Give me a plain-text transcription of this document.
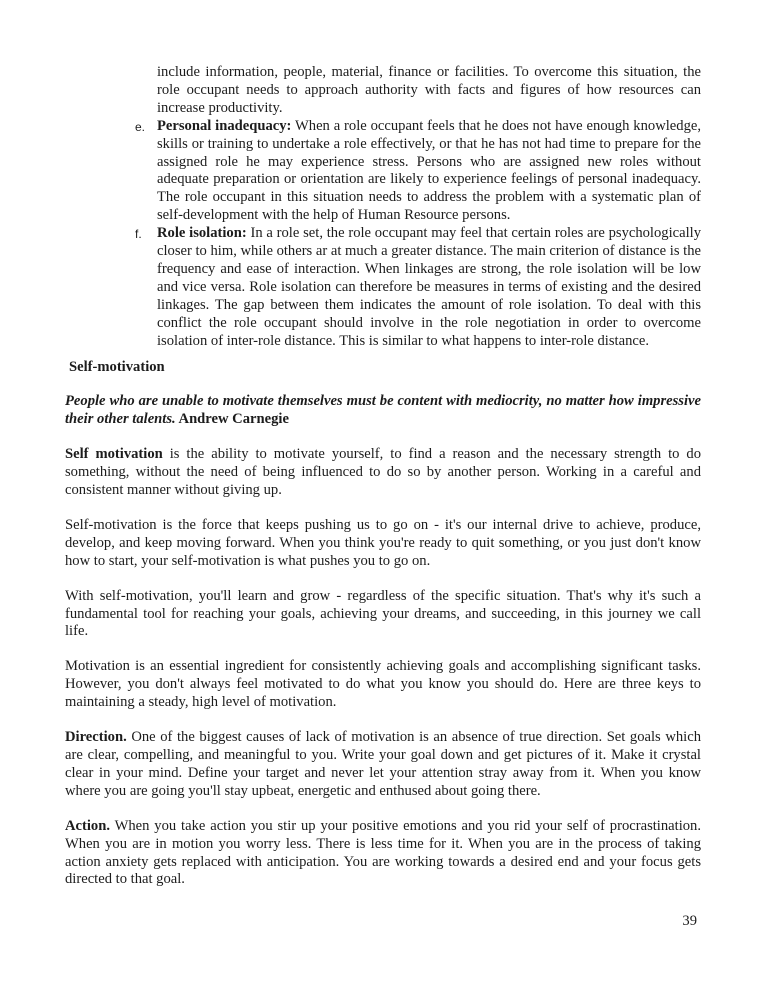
include information, people, material, finance or facilities. To overcome this situation, the role occupant needs to approach authority with facts and figures of how resources can increase productivity.

e. Personal inadequacy: When a role occupant feels that he does not have enough knowledge, skills or training to undertake a role effectively, or that he has not had time to prepare for the assigned role he may experience stress. Persons who are assigned new roles without adequate preparation or orientation are likely to experience feelings of personal inadequacy. The role occupant in this situation needs to address the problem with a systematic plan of self-development with the help of Human Resource persons.

f. Role isolation: In a role set, the role occupant may feel that certain roles are psychologically closer to him, while others ar at much a greater distance. The main criterion of distance is the frequency and ease of interaction. When linkages are strong, the role isolation will be low and vice versa. Role isolation can therefore be measures in terms of existing and the desired linkages. The gap between them indicates the amount of role isolation. To deal with this conflict the role occupant should involve in the role negotiation in order to overcome isolation of inter-role distance. This is similar to what happens to inter-role distance.

Self-motivation

People who are unable to motivate themselves must be content with mediocrity, no matter how impressive their other talents. Andrew Carnegie

Self motivation is the ability to motivate yourself, to find a reason and the necessary strength to do something, without the need of being influenced to do so by another person. Working in a careful and consistent manner without giving up.

Self-motivation is the force that keeps pushing us to go on - it's our internal drive to achieve, produce, develop, and keep moving forward. When you think you're ready to quit something, or you just don't know how to start, your self-motivation is what pushes you to go on.

With self-motivation, you'll learn and grow - regardless of the specific situation. That's why it's such a fundamental tool for reaching your goals, achieving your dreams, and succeeding, in this journey we call life.

Motivation is an essential ingredient for consistently achieving goals and accomplishing significant tasks. However, you don't always feel motivated to do what you know you should do. Here are three keys to maintaining a steady, high level of motivation.

Direction. One of the biggest causes of lack of motivation is an absence of true direction. Set goals which are clear, compelling, and meaningful to you. Write your goal down and get pictures of it. Make it crystal clear in your mind. Define your target and never let your attention stray away from it. When you know where you are going you'll stay upbeat, energetic and enthused about going there.

Action. When you take action you stir up your positive emotions and you rid your self of procrastination. When you are in motion you worry less. There is less time for it. When you are in the process of taking action anxiety gets replaced with anticipation. You are working towards a desired end and your focus gets directed to that goal.

39
